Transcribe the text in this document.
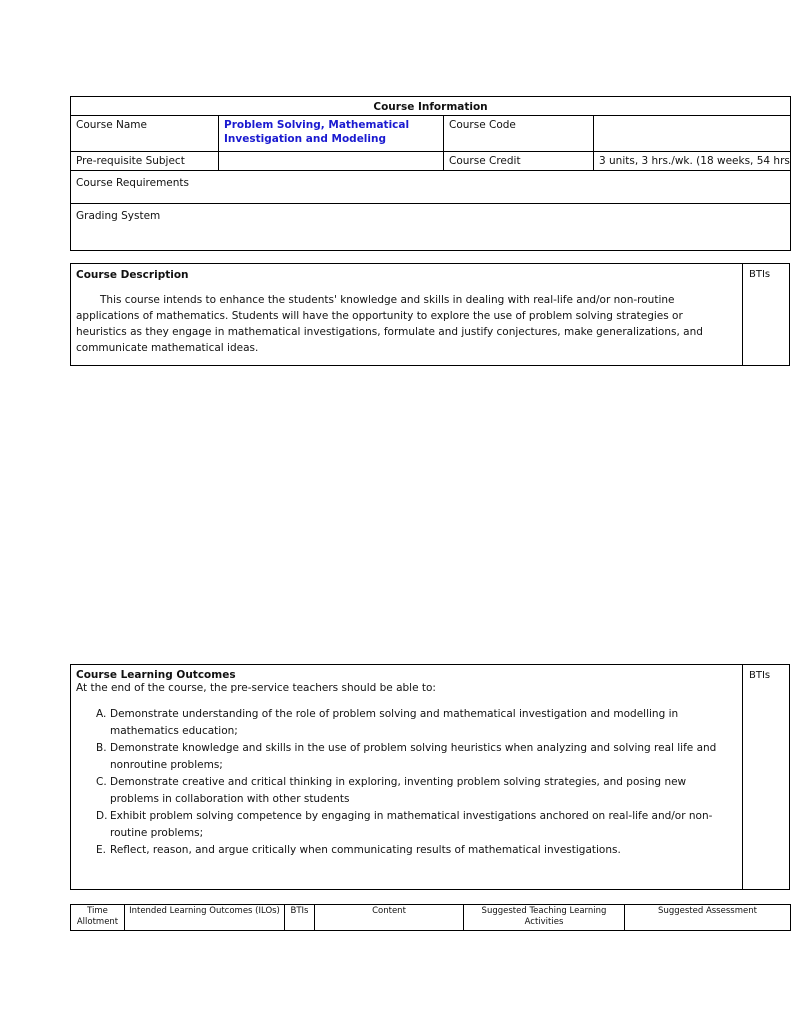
Course Information			
Course Name	Problem Solving, Mathematical Investigation and Modeling	Course Code	
Pre-requisite Subject		Course Credit	3 units, 3 hrs./wk. (18 weeks, 54 hrs
Course Requirements			
Grading System			
Course Description

This course intends to enhance the students' knowledge and skills in dealing with real-life and/or non-routine applications of mathematics. Students will have the opportunity to explore the use of problem solving strategies or heuristics as they engage in mathematical investigations, formulate and justify conjectures, make generalizations, and communicate mathematical ideas.

BTIs
Course Learning Outcomes
At the end of the course, the pre-service teachers should be able to:
A. Demonstrate understanding of the role of problem solving and mathematical investigation and modelling in mathematics education;
B. Demonstrate knowledge and skills in the use of problem solving heuristics when analyzing and solving real life and nonroutine problems;
C. Demonstrate creative and critical thinking in exploring, inventing problem solving strategies, and posing new problems in collaboration with other students
D. Exhibit problem solving competence by engaging in mathematical investigations anchored on real-life and/or non-routine problems;
E. Reflect, reason, and argue critically when communicating results of mathematical investigations.
BTIs
Time Allotment	Intended Learning Outcomes (ILOs)	BTIs	Content	Suggested Teaching Learning Activities	Suggested Assessment
